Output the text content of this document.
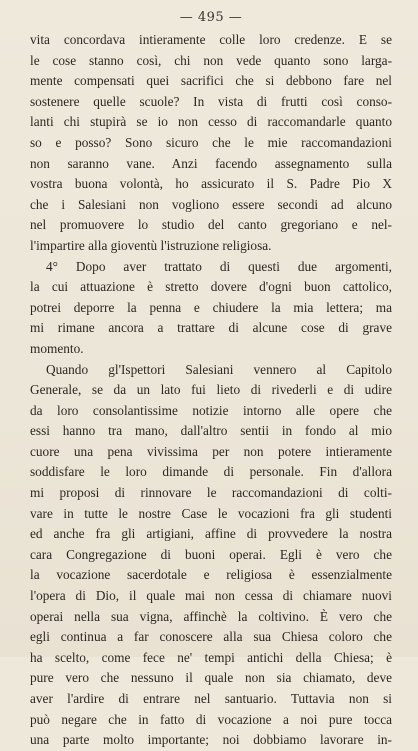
— 495 —
vita concordava intieramente colle loro credenze. E se
le cose stanno così, chi non vede quanto sono larga-
mente compensati quei sacrifici che si debbono fare nel
sostenere quelle scuole? In vista di frutti così conso-
lanti chi stupirà se io non cesso di raccomandarle quanto
so e posso? Sono sicuro che le mie raccomandazioni
non saranno vane. Anzi facendo assegnamento sulla
vostra buona volontà, ho assicurato il S. Padre Pio X
che i Salesiani non vogliono essere secondi ad alcuno
nel promuovere lo studio del canto gregoriano e nel-
l'impartire alla gioventù l'istruzione religiosa.
4° Dopo aver trattato di questi due argomenti,
la cui attuazione è stretto dovere d'ogni buon cattolico,
potrei deporre la penna e chiudere la mia lettera; ma
mi rimane ancora a trattare di alcune cose di grave
momento.
Quando gl'Ispettori Salesiani vennero al Capitolo
Generale, se da un lato fui lieto di rivederli e di udire
da loro consolantissime notizie intorno alle opere che
essi hanno tra mano, dall'altro sentii in fondo al mio
cuore una pena vivissima per non potere intieramente
soddisfare le loro dimande di personale. Fin d'allora
mi proposi di rinnovare le raccomandazioni di colti-
vare in tutte le nostre Case le vocazioni fra gli studenti
ed anche fra gli artigiani, affine di provvedere la nostra
cara Congregazione di buoni operai. Egli è vero che
la vocazione sacerdotale e religiosa è essenzialmente
l'opera di Dio, il quale mai non cessa di chiamare nuovi
operai nella sua vigna, affinchè la coltivino. È vero che
egli continua a far conoscere alla sua Chiesa coloro che
ha scelto, come fece ne' tempi antichi della Chiesa; è
pure vero che nessuno il quale non sia chiamato, deve
aver l'ardire di entrare nel santuario. Tuttavia non si
può negare che in fatto di vocazione a noi pure tocca
una parte molto importante; noi dobbiamo lavorare in-
